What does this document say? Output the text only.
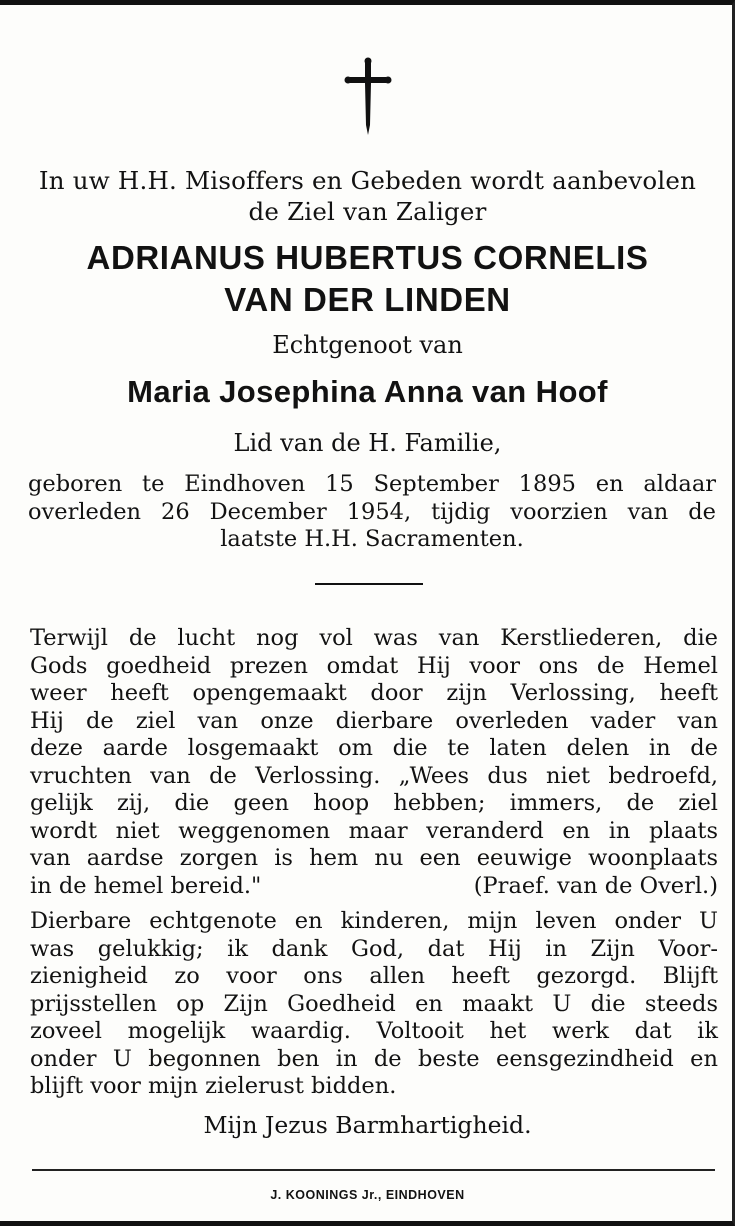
In uw H.H. Misoffers en Gebeden wordt aanbevolen
de Ziel van Zaliger
ADRIANUS HUBERTUS CORNELIS
VAN DER LINDEN
Echtgenoot van
Maria Josephina Anna van Hoof
Lid van de H. Familie,
geboren te Eindhoven 15 September 1895 en aldaar
overleden 26 December 1954, tijdig voorzien van de
laatste H.H. Sacramenten.
Terwijl de lucht nog vol was van Kerstliederen, die
Gods goedheid prezen omdat Hij voor ons de Hemel
weer heeft opengemaakt door zijn Verlossing, heeft
Hij de ziel van onze dierbare overleden vader van
deze aarde losgemaakt om die te laten delen in de
vruchten van de Verlossing. „Wees dus niet bedroefd,
gelijk zij, die geen hoop hebben; immers, de ziel
wordt niet weggenomen maar veranderd en in plaats
van aardse zorgen is hem nu een eeuwige woonplaats
in de hemel bereid."	(Praef. van de Overl.)
Dierbare echtgenote en kinderen, mijn leven onder U
was gelukkig; ik dank God, dat Hij in Zijn Voor-
zienigheid zo voor ons allen heeft gezorgd. Blijft
prijsstellen op Zijn Goedheid en maakt U die steeds
zoveel mogelijk waardig. Voltooit het werk dat ik
onder U begonnen ben in de beste eensgezindheid en
blijft voor mijn zielerust bidden.
Mijn Jezus Barmhartigheid.
J. KOONINGS Jr., EINDHOVEN
